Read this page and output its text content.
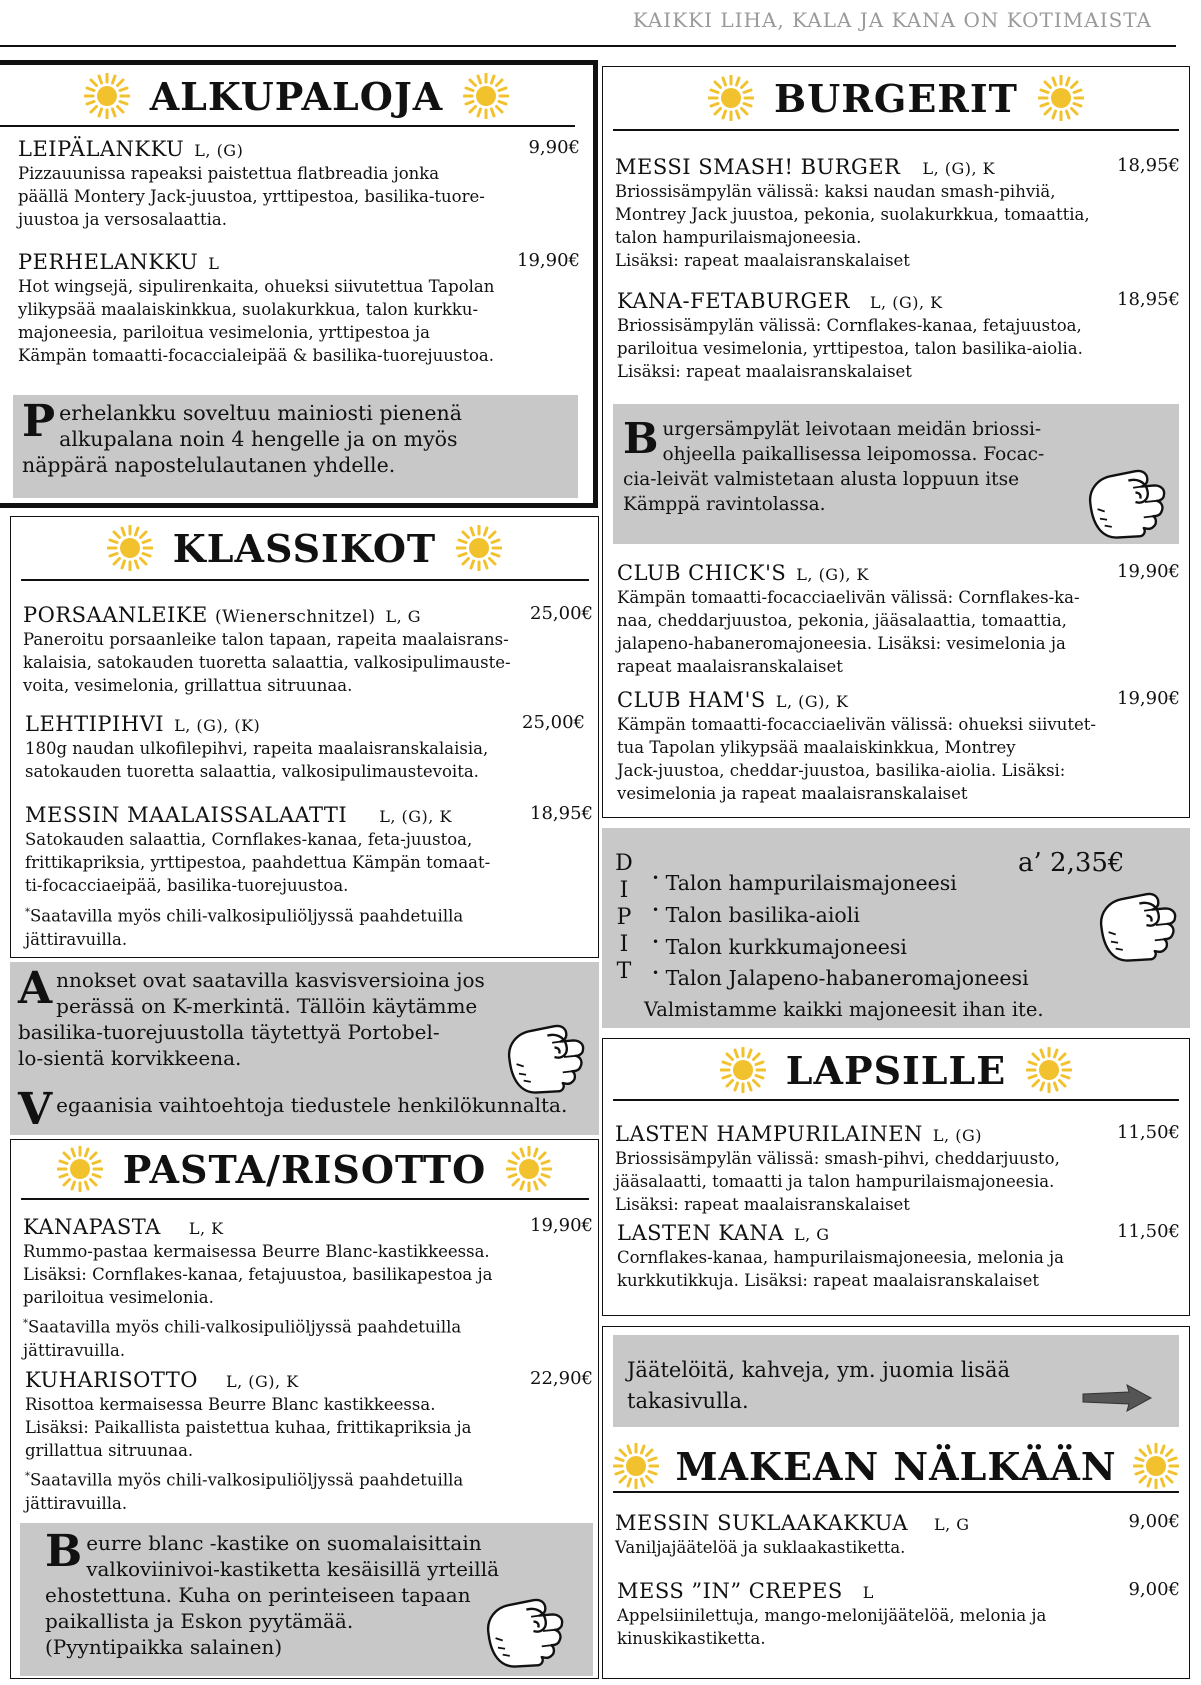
KAIKKI LIHA, KALA JA KANA ON KOTIMAISTA
ALKUPALOJA
LEIPÄLANKKU L, (G)	9,90€
Pizzauunissa rapeaksi paistettua flatbreadia jonka
päällä Montery Jack-juustoa, yrttipestoa, basilika-tuore-
juustoa ja versosalaattia.
PERHELANKKU L	19,90€
Hot wingsejä, sipulirenkaita, ohueksi siivutettua Tapolan
ylikypsää maalaiskinkkua, suolakurkkua, talon kurkku-
majoneesia, pariloitua vesimelonia, yrttipestoa ja
Kämpän tomaatti-focaccialeipää & basilika-tuorejuustoa.
P erhelankku soveltuu mainiosti pienenä
alkupalana noin 4 hengelle ja on myös
näppärä napostelulautanen yhdelle.
KLASSIKOT
PORSAANLEIKE (Wienerschnitzel) L, G	25,00€
Paneroitu porsaanleike talon tapaan, rapeita maalaisrans-
kalaisia, satokauden tuoretta salaattia, valkosipulimauste-
voita, vesimelonia, grillattua sitruunaa.
LEHTIPIHVI L, (G), (K)	25,00€
180g naudan ulkofilepihvi, rapeita maalaisranskalaisia,
satokauden tuoretta salaattia, valkosipulimaustevoita.
MESSIN MAALAISSALAATTI L, (G), K	18,95€
Satokauden salaattia, Cornflakes-kanaa, feta-juustoa,
frittikapriksia, yrttipestoa, paahdettua Kämpän tomaat-
ti-focacciaeipää, basilika-tuorejuustoa.
*Saatavilla myös chili-valkosipuliöljyssä paahdetuilla
jättiravuilla.
A nnokset ovat saatavilla kasvisversioina jos
perässä on K-merkintä. Tällöin käytämme
basilika-tuorejuustolla täytettyä Portobel-
lo-sientä korvikkeena.
Vegaanisia vaihtoehtoja tiedustele henkilökunnalta.
PASTA/RISOTTO
KANAPASTA L, K	19,90€
Rummo-pastaa kermaisessa Beurre Blanc-kastikkeessa.
Lisäksi: Cornflakes-kanaa, fetajuustoa, basilikapestoa ja
pariloitua vesimelonia.
*Saatavilla myös chili-valkosipuliöljyssä paahdetuilla
jättiravuilla.
KUHARISOTTO L, (G), K	22,90€
Risottoa kermaisessa Beurre Blanc kastikkeessa.
Lisäksi: Paikallista paistettua kuhaa, frittikapriksia ja
grillattua sitruunaa.
*Saatavilla myös chili-valkosipuliöljyssä paahdetuilla
jättiravuilla.
B eurre blanc -kastike on suomalaisittain
valkoviinivoi-kastiketta kesäisillä yrteillä
ehostettuna. Kuha on perinteiseen tapaan
paikallista ja Eskon pyytämää.
(Pyyntipaikka salainen)
BURGERIT
MESSI SMASH! BURGER L, (G), K	18,95€
Briossisämpylän välissä: kaksi naudan smash-pihviä,
Montrey Jack juustoa, pekonia, suolakurkkua, tomaattia,
talon hampurilaismajoneesia.
Lisäksi: rapeat maalaisranskalaiset
KANA-FETABURGER L, (G), K	18,95€
Briossisämpylän välissä: Cornflakes-kanaa, fetajuustoa,
pariloitua vesimelonia, yrttipestoa, talon basilika-aiolia.
Lisäksi: rapeat maalaisranskalaiset
B urgersämpylät leivotaan meidän briossi-
ohjeella paikallisessa leipomossa. Focac-
cia-leivät valmistetaan alusta loppuun itse
Kämppä ravintolassa.
CLUB CHICK'S L, (G), K	19,90€
Kämpän tomaatti-focacciaelivän välissä: Cornflakes-ka-
naa, cheddarjuustoa, pekonia, jääsalaattia, tomaattia,
jalapeno-habaneromajoneesia. Lisäksi: vesimelonia ja
rapeat maalaisranskalaiset
CLUB HAM'S L, (G), K	19,90€
Kämpän tomaatti-focacciaelivän välissä: ohueksi siivutet-
tua Tapolan ylikypsää maalaiskinkkua, Montrey
Jack-juustoa, cheddar-juustoa, basilika-aiolia. Lisäksi:
vesimelonia ja rapeat maalaisranskalaiset
D
I
P
I
T
a’ 2,35€
• Talon hampurilaismajoneesi
• Talon basilika-aioli
• Talon kurkkumajoneesi
• Talon Jalapeno-habaneromajoneesi
Valmistamme kaikki majoneesit ihan ite.
LAPSILLE
LASTEN HAMPURILAINEN L, (G)	11,50€
Briossisämpylän välissä: smash-pihvi, cheddarjuusto,
jääsalaatti, tomaatti ja talon hampurilaismajoneesia.
Lisäksi: rapeat maalaisranskalaiset
LASTEN KANA L, G	11,50€
Cornflakes-kanaa, hampurilaismajoneesia, melonia ja
kurkkutikkuja. Lisäksi: rapeat maalaisranskalaiset
Jäätelöitä, kahveja, ym. juomia lisää
takasivulla.
MAKEAN NÄLKÄÄN
MESSIN SUKLAAKAKKUA L, G	9,00€
Vaniljajäätelöä ja suklaakastiketta.
MESS ”IN” CREPES L	9,00€
Appelsiinilettuja, mango-melonijäätelöä, melonia ja
kinuskikastiketta.
